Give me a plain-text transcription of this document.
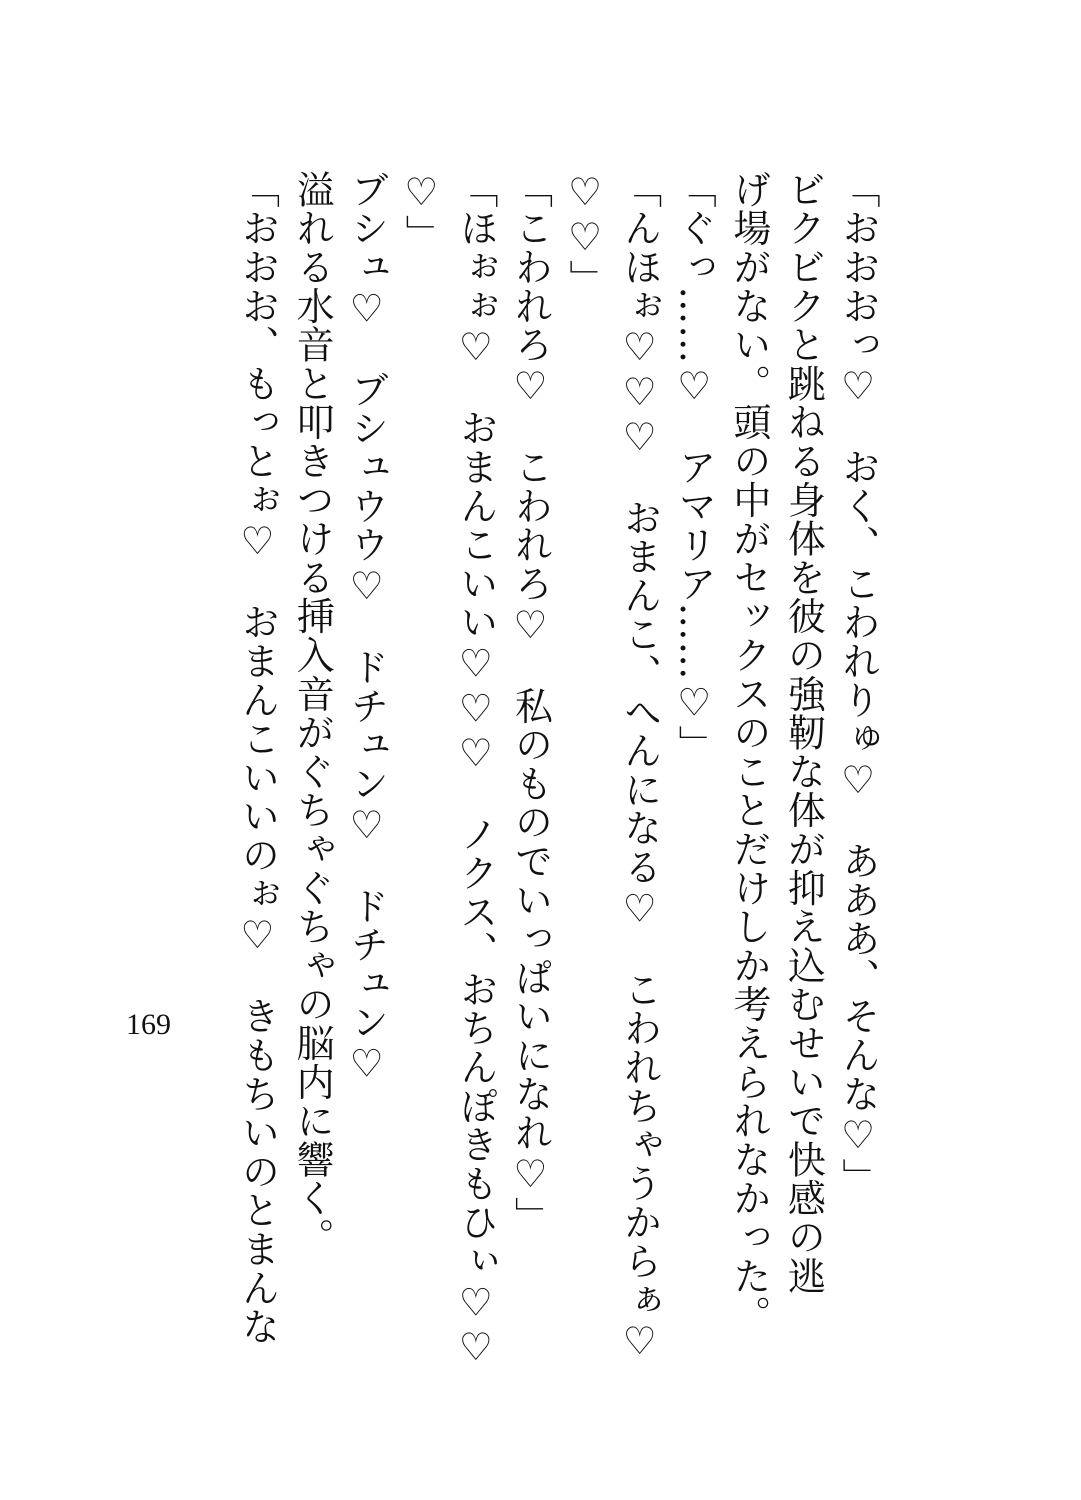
「おおおっ♡　おく、こわれりゅ♡　あああ、そんな♡」
ビクビクと跳ねる身体を彼の強靭な体が抑え込むせいで快感の逃
げ場がない。頭の中がセックスのことだけしか考えられなかった。
「ぐっ……♡　アマリア……♡」
「んほぉ♡♡♡　おまんこ、へんになる♡　こわれちゃうからぁ♡
♡♡」
「こわれろ♡　こわれろ♡　私のものでいっぱいになれ♡」
「ほぉぉ♡　おまんこいい♡♡♡　ノクス、おちんぽきもひぃ♡♡
♡」
ブシュ♡　ブシュウウ♡　ドチュン♡　ドチュン♡
溢れる水音と叩きつける挿入音がぐちゃぐちゃの脳内に響く。
「おおお、もっとぉ♡　おまんこいいのぉ♡　きもちいのとまんな
169
